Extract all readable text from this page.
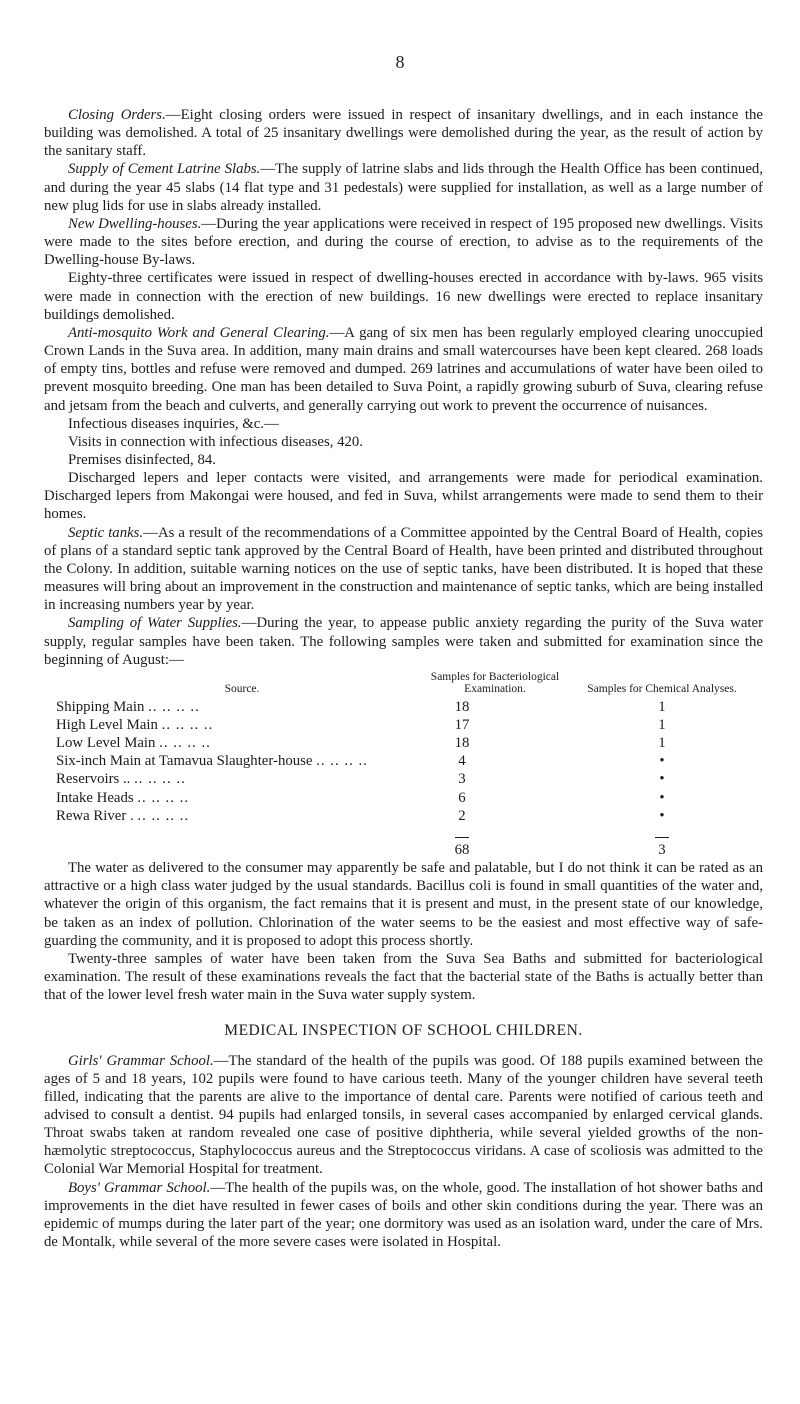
8

Closing Orders.—Eight closing orders were issued in respect of insanitary dwellings, and in each instance the building was demolished. A total of 25 insanitary dwellings were demolished during the year, as the result of action by the sanitary staff.

Supply of Cement Latrine Slabs.—The supply of latrine slabs and lids through the Health Office has been continued, and during the year 45 slabs (14 flat type and 31 pedestals) were supplied for installation, as well as a large number of new plug lids for use in slabs already installed.

New Dwelling-houses.—During the year applications were received in respect of 195 proposed new dwellings. Visits were made to the sites before erection, and during the course of erection, to advise as to the requirements of the Dwelling-house By-laws.

Eighty-three certificates were issued in respect of dwelling-houses erected in accordance with by-laws. 965 visits were made in connection with the erection of new buildings. 16 new dwellings were erected to replace insanitary buildings demolished.

Anti-mosquito Work and General Clearing.—A gang of six men has been regularly employed clearing unoccupied Crown Lands in the Suva area. In addition, many main drains and small watercourses have been kept cleared. 268 loads of empty tins, bottles and refuse were removed and dumped. 269 latrines and accumulations of water have been oiled to prevent mosquito breeding. One man has been detailed to Suva Point, a rapidly growing suburb of Suva, clearing refuse and jetsam from the beach and culverts, and generally carrying out work to prevent the occurrence of nuisances.

Infectious diseases inquiries, &c.—

Visits in connection with infectious diseases, 420.

Premises disinfected, 84.

Discharged lepers and leper contacts were visited, and arrangements were made for periodical examination. Discharged lepers from Makongai were housed, and fed in Suva, whilst arrangements were made to send them to their homes.

Septic tanks.—As a result of the recommendations of a Committee appointed by the Central Board of Health, copies of plans of a standard septic tank approved by the Central Board of Health, have been printed and distributed throughout the Colony. In addition, suitable warning notices on the use of septic tanks, have been distributed. It is hoped that these measures will bring about an improvement in the construction and maintenance of septic tanks, which are being installed in increasing numbers year by year.

Sampling of Water Supplies.—During the year, to appease public anxiety regarding the purity of the Suva water supply, regular samples have been taken. The following samples were taken and submitted for examination since the beginning of August:—

Source.	Samples for Bacteriological Examination.		Samples for Chemical Analyses.
Shipping Main .. .. .. ..	18		1
High Level Main .. .. .. ..	17		1
Low Level Main .. .. .. ..	18		1
Six-inch Main at Tamavua Slaughter-house .. .. .. ..	4		•
Reservoirs .. .. .. .. ..	3		•
Intake Heads .. .. .. ..	6		•
Rewa River . .. .. .. ..	2		•
	68		3

The water as delivered to the consumer may apparently be safe and palatable, but I do not think it can be rated as an attractive or a high class water judged by the usual standards. Bacillus coli is found in small quantities of the water and, whatever the origin of this organism, the fact remains that it is present and must, in the present state of our knowledge, be taken as an index of pollution. Chlorination of the water seems to be the easiest and most effective way of safe-guarding the community, and it is proposed to adopt this process shortly.

Twenty-three samples of water have been taken from the Suva Sea Baths and submitted for bacteriological examination. The result of these examinations reveals the fact that the bacterial state of the Baths is actually better than that of the lower level fresh water main in the Suva water supply system.

MEDICAL INSPECTION OF SCHOOL CHILDREN.

Girls' Grammar School.—The standard of the health of the pupils was good. Of 188 pupils examined between the ages of 5 and 18 years, 102 pupils were found to have carious teeth. Many of the younger children have several teeth filled, indicating that the parents are alive to the importance of dental care. Parents were notified of carious teeth and advised to consult a dentist. 94 pupils had enlarged tonsils, in several cases accompanied by enlarged cervical glands. Throat swabs taken at random revealed one case of positive diphtheria, while several yielded growths of the non-hæmolytic streptococcus, Staphylococcus aureus and the Streptococcus viridans. A case of scoliosis was admitted to the Colonial War Memorial Hospital for treatment.

Boys' Grammar School.—The health of the pupils was, on the whole, good. The installation of hot shower baths and improvements in the diet have resulted in fewer cases of boils and other skin conditions during the year. There was an epidemic of mumps during the later part of the year; one dormitory was used as an isolation ward, under the care of Mrs. de Montalk, while several of the more severe cases were isolated in Hospital.
